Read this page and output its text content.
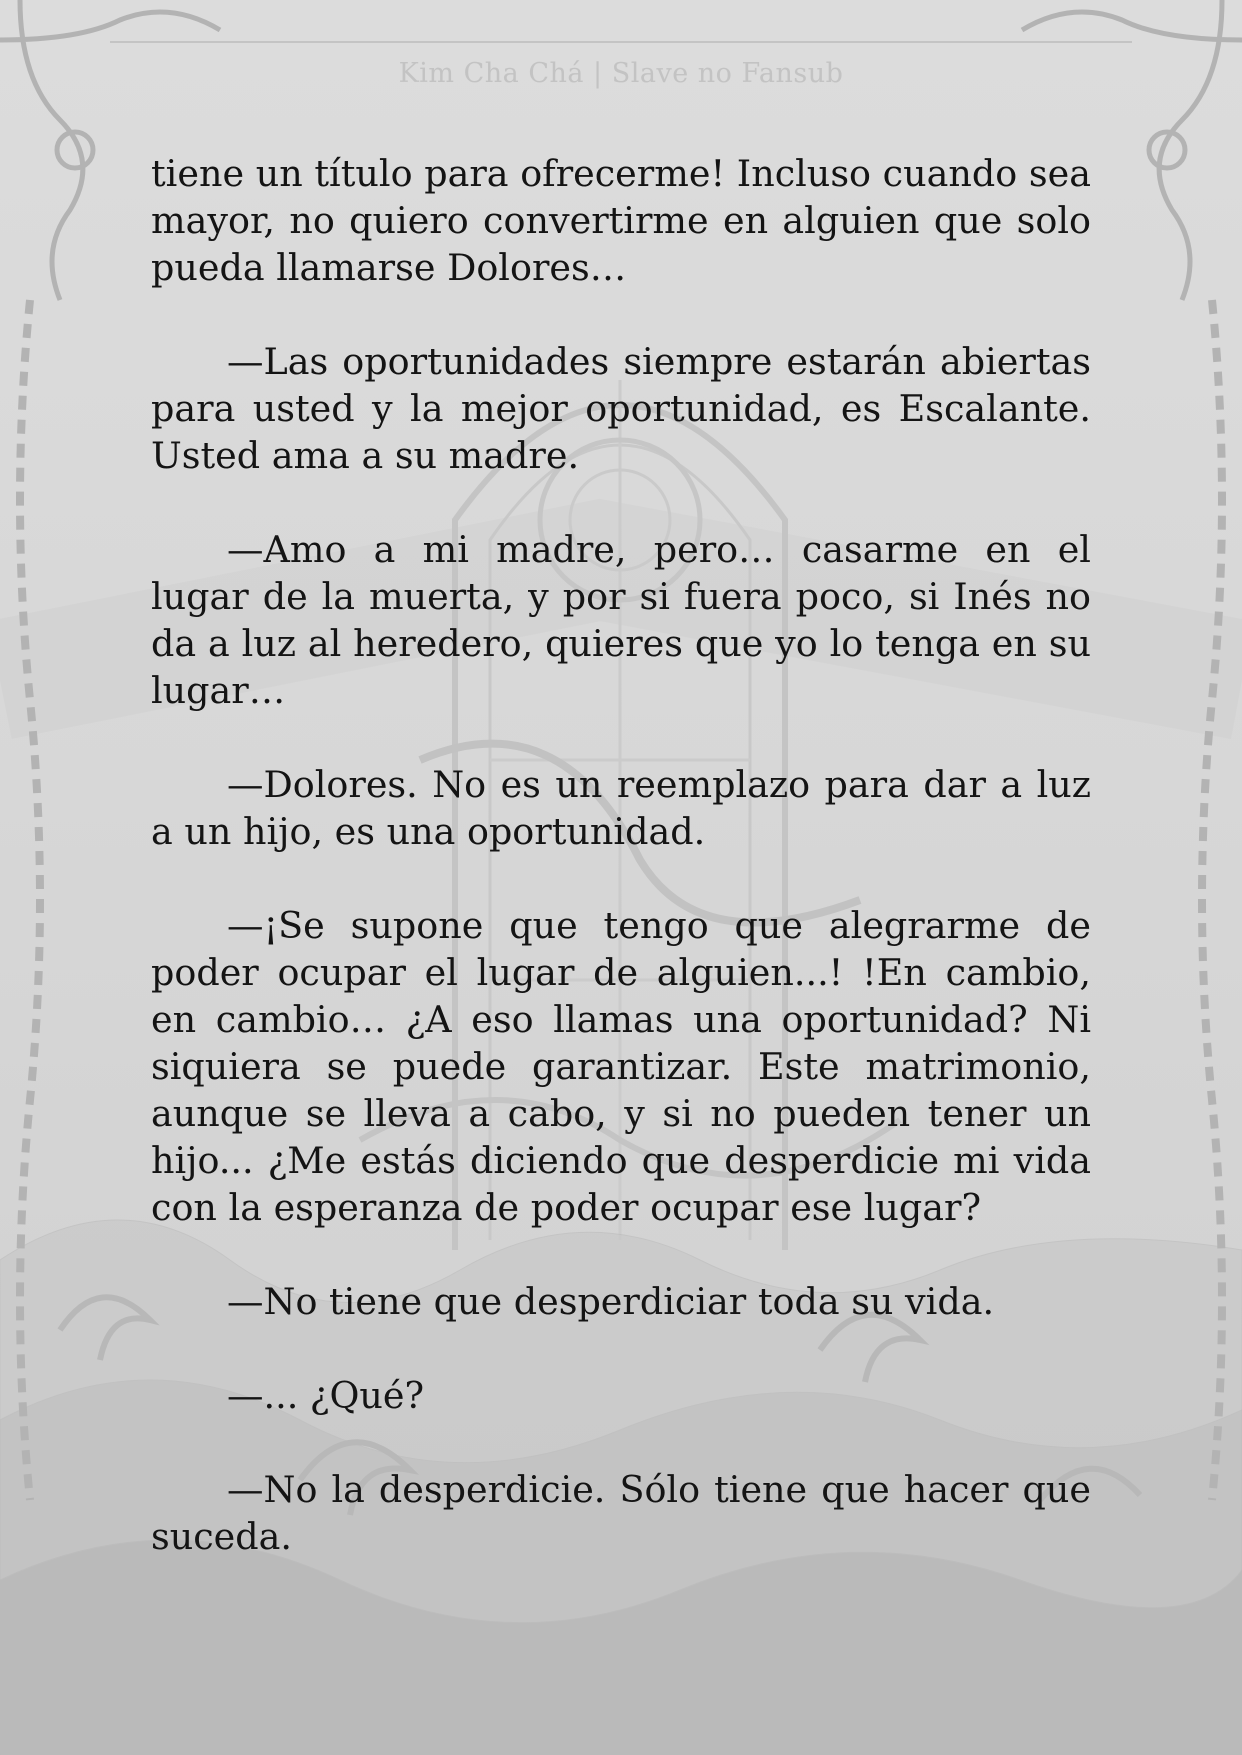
Kim Cha Chá | Slave no Fansub

tiene un título para ofrecerme! Incluso cuando sea mayor, no quiero convertirme en alguien que solo pueda llamarse Dolores…

—Las oportunidades siempre estarán abiertas para usted y la mejor oportunidad, es Escalante. Usted ama a su madre.

—Amo a mi madre, pero… casarme en el lugar de la muerta, y por si fuera poco, si Inés no da a luz al heredero, quieres que yo lo tenga en su lugar…

—Dolores. No es un reemplazo para dar a luz a un hijo, es una oportunidad.

—¡Se supone que tengo que alegrarme de poder ocupar el lugar de alguien...! !En cambio, en cambio… ¿A eso llamas una oportunidad? Ni siquiera se puede garantizar. Este matrimonio, aunque se lleva a cabo, y si no pueden tener un hijo... ¿Me estás diciendo que desperdicie mi vida con la esperanza de poder ocupar ese lugar?

—No tiene que desperdiciar toda su vida.

—... ¿Qué?

—No la desperdicie. Sólo tiene que hacer que suceda.
